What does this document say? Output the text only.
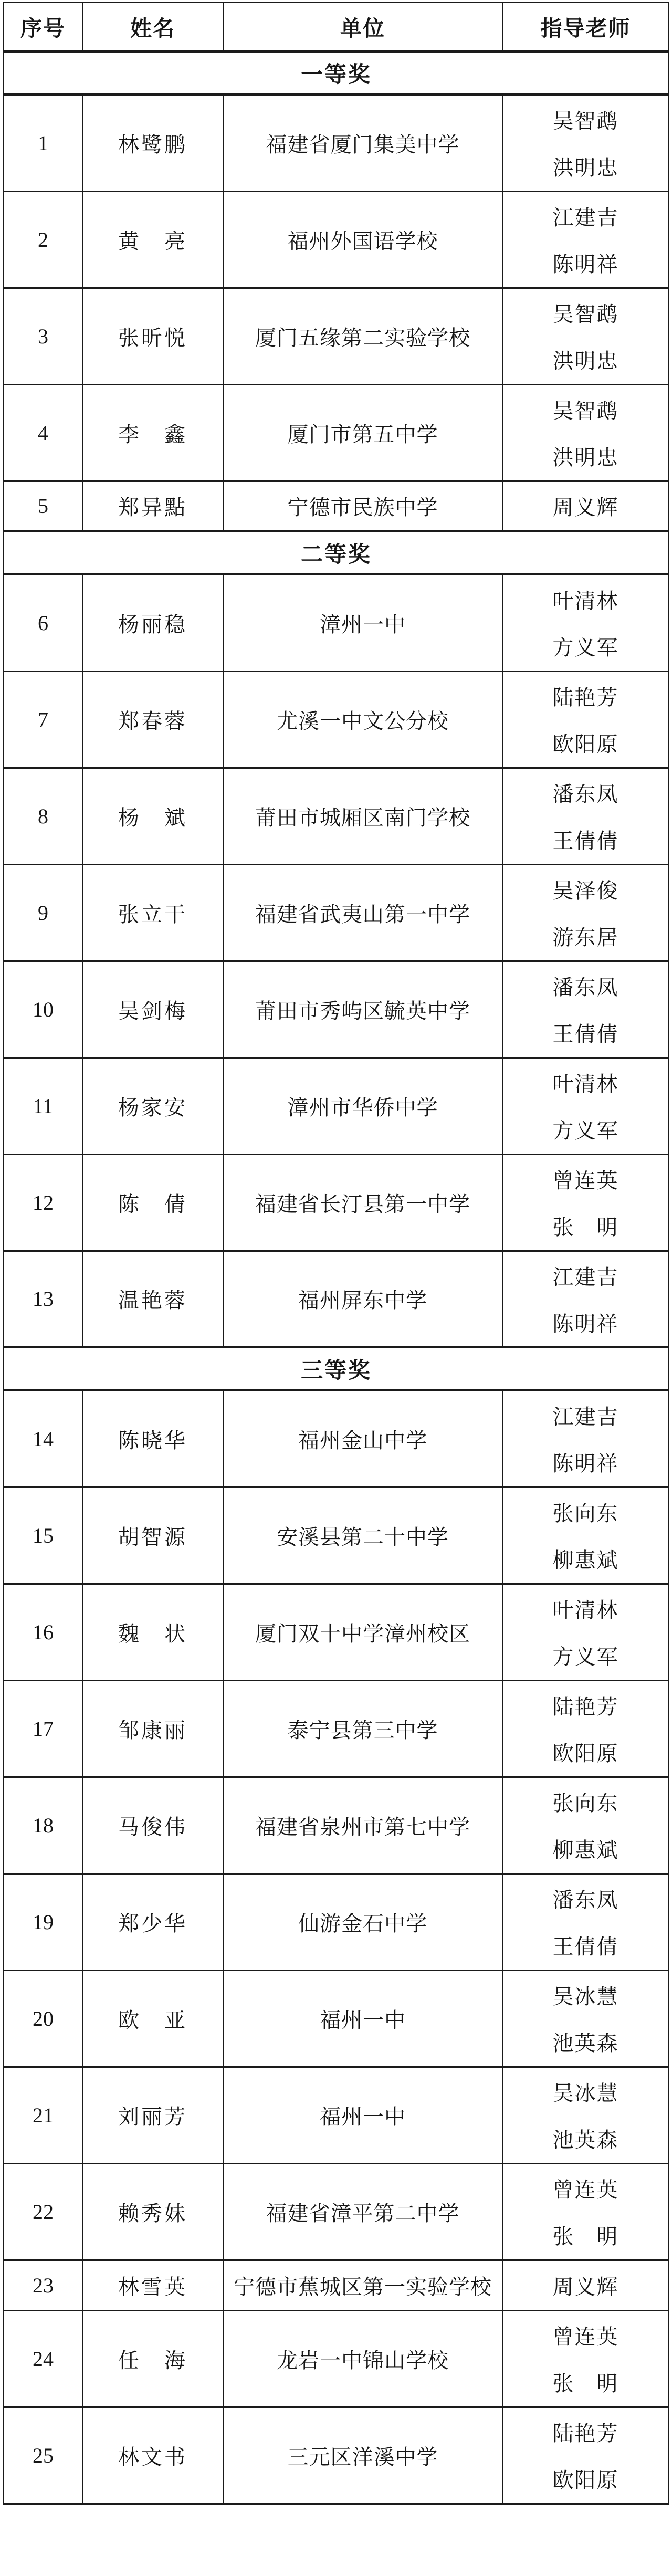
序号	姓名	单位	指导老师
一等奖			
1	林鹭鹏	福建省厦门集美中学	吴智鹉
洪明忠

2	黄　亮	福州外国语学校	江建吉
陈明祥

3	张昕悦	厦门五缘第二实验学校	吴智鹉
洪明忠

4	李　鑫	厦门市第五中学	吴智鹉
洪明忠

5	郑异點	宁德市民族中学	周义辉

二等奖			
6	杨丽稳	漳州一中	叶清林
方义军

7	郑春蓉	尤溪一中文公分校	陆艳芳
欧阳原

8	杨　斌	莆田市城厢区南门学校	潘东凤
王倩倩

9	张立干	福建省武夷山第一中学	吴泽俊
游东居

10	吴剑梅	莆田市秀屿区毓英中学	潘东凤
王倩倩

11	杨家安	漳州市华侨中学	叶清林
方义军

12	陈　倩	福建省长汀县第一中学	曾连英
张　明

13	温艳蓉	福州屏东中学	江建吉
陈明祥

三等奖			
14	陈晓华	福州金山中学	江建吉
陈明祥

15	胡智源	安溪县第二十中学	张向东
柳惠斌

16	魏　状	厦门双十中学漳州校区	叶清林
方义军

17	邹康丽	泰宁县第三中学	陆艳芳
欧阳原

18	马俊伟	福建省泉州市第七中学	张向东
柳惠斌

19	郑少华	仙游金石中学	潘东凤
王倩倩

20	欧　亚	福州一中	吴冰慧
池英森

21	刘丽芳	福州一中	吴冰慧
池英森

22	赖秀妹	福建省漳平第二中学	曾连英
张　明

23	林雪英	宁德市蕉城区第一实验学校	周义辉

24	任　海	龙岩一中锦山学校	曾连英
张　明

25	林文书	三元区洋溪中学	陆艳芳
欧阳原
